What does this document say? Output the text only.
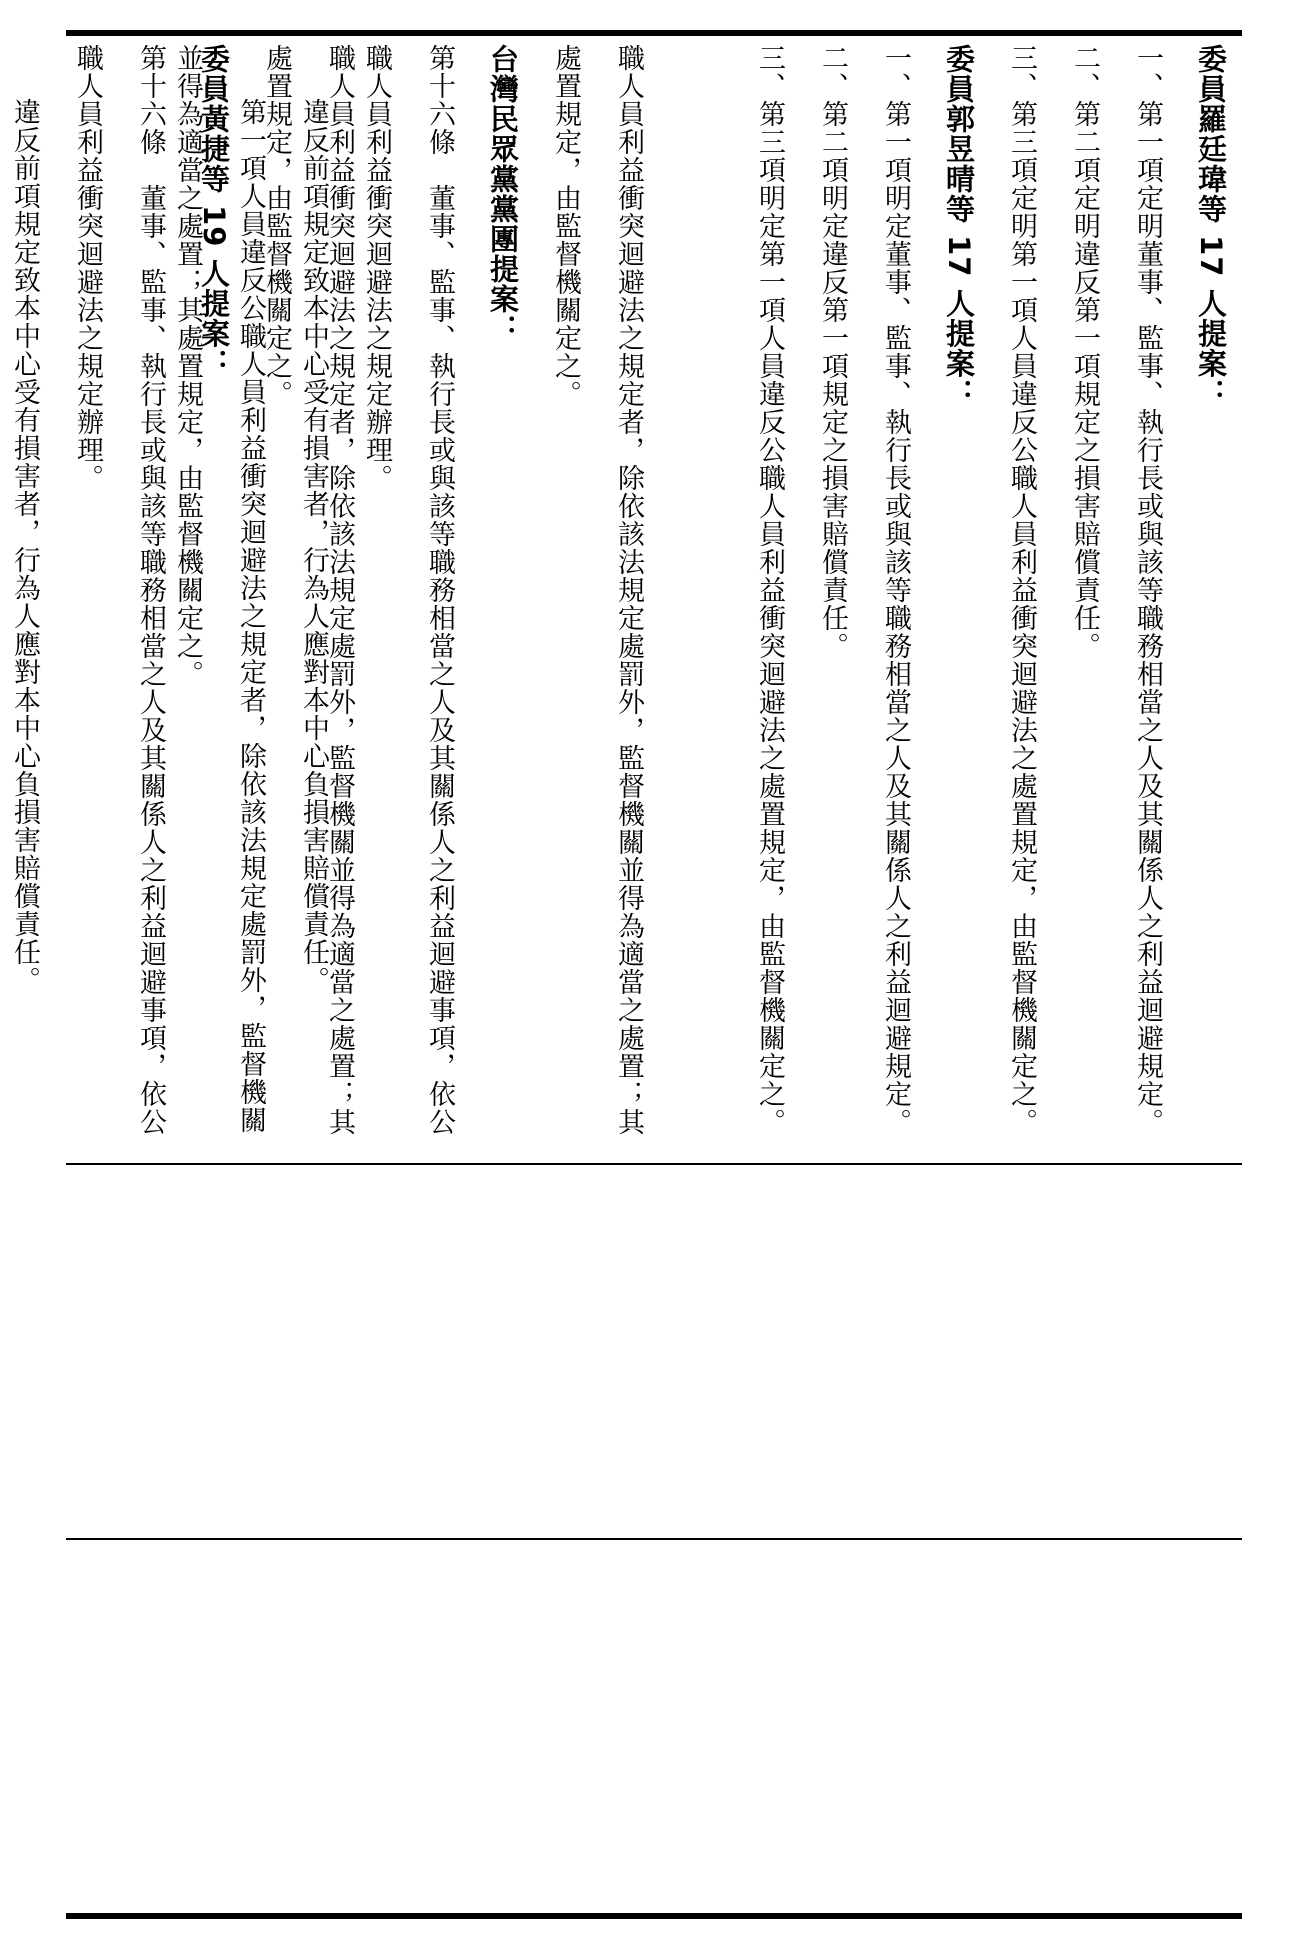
委員羅廷瑋等 17 人提案：
一、第一項定明董事、監事、執行長或與該等職務相當之人及其關係人之利益迴避規定。
二、第二項定明違反第一項規定之損害賠償責任。
三、第三項定明第一項人員違反公職人員利益衝突迴避法之處置規定，由監督機關定之。
委員郭昱晴等 17 人提案：
一、第一項明定董事、監事、執行長或與該等職務相當之人及其關係人之利益迴避規定。
二、第二項明定違反第一項規定之損害賠償責任。
三、第三項明定第一項人員違反公職人員利益衝突迴避法之處置規定，由監督機關定之。
職人員利益衝突迴避法之規定者，除依該法規定處罰外，監督機關並得為適當之處置；其處置規定，由監督機關定之。
台灣民眾黨黨團提案：
第十六條　董事、監事、執行長或與該等職務相當之人及其關係人之利益迴避事項，依公職人員利益衝突迴避法之規定辦理。
違反前項規定致本中心受有損害者，行為人應對本中心負損害賠償責任。
第一項人員違反公職人員利益衝突迴避法之規定者，除依該法規定處罰外，監督機關並得為適當之處置；其處置規定，由監督機關定之。	職人員利益衝突迴避法之規定者，除依該法規定處罰外，監督機關並得為適當之處置；其處置規定，由監督機關定之。
委員黃捷等 19 人提案：
第十六條　董事、監事、執行長或與該等職務相當之人及其關係人之利益迴避事項，依公職人員利益衝突迴避法之規定辦理。
違反前項規定致本中心受有損害者，行為人應對本中心負損害賠償責任。
